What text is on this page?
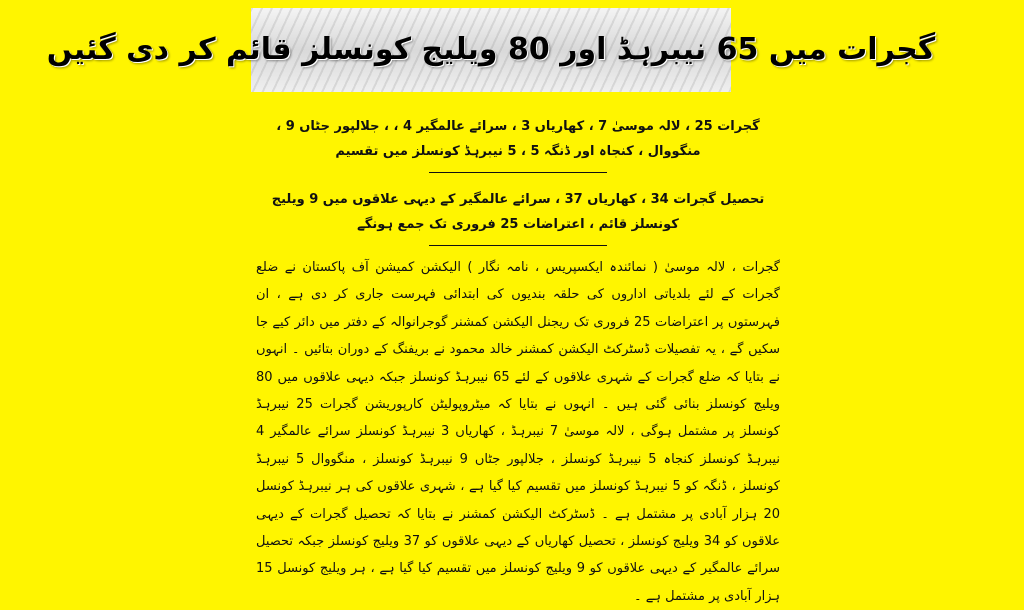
گجرات میں 65 نیبرہڈ اور 80 ویلیج کونسلز قائم کر دی گئیں

گجرات 25 ، لالہ موسیٰ 7 ، کھاریاں 3 ، سرائے عالمگیر 4 ، ، جلالپور جٹاں 9 ، منگووال ، کنجاہ اور ڈنگہ 5 ، 5 نیبرہڈ کونسلز میں تقسیم

تحصیل گجرات 34 ، کھاریاں 37 ، سرائے عالمگیر کے دیہی علاقوں میں 9 ویلیج کونسلز قائم ، اعتراضات 25 فروری تک جمع ہونگے

گجرات ، لالہ موسیٰ ( نمائندہ ایکسپریس ، نامہ نگار ) الیکشن کمیشن آف پاکستان نے ضلع گجرات کے لئے بلدیاتی اداروں کی حلقہ بندیوں کی ابتدائی فہرست جاری کر دی ہے ، ان فہرستوں پر اعتراضات 25 فروری تک ریجنل الیکشن کمشنر گوجرانوالہ کے دفتر میں دائر کیے جا سکیں گے ، یہ تفصیلات ڈسٹرکٹ الیکشن کمشنر خالد محمود نے بریفنگ کے دوران بتائیں ۔ انہوں نے بتایا کہ ضلع گجرات کے شہری علاقوں کے لئے 65 نیبرہڈ کونسلز جبکہ دیہی علاقوں میں 80 ویلیج کونسلز بنائی گئی ہیں ۔ انہوں نے بتایا کہ میٹروپولیٹن کارپوریشن گجرات 25 نیبرہڈ کونسلز پر مشتمل ہوگی ، لالہ موسیٰ 7 نیبرہڈ ، کھاریاں 3 نیبرہڈ کونسلز سرائے عالمگیر 4 نیبرہڈ کونسلز کنجاہ 5 نیبرہڈ کونسلز ، جلالپور جٹاں 9 نیبرہڈ کونسلز ، منگووال 5 نیبرہڈ کونسلز ، ڈنگہ کو 5 نیبرہڈ کونسلز میں تقسیم کیا گیا ہے ، شہری علاقوں کی ہر نیبرہڈ کونسل 20 ہزار آبادی پر مشتمل ہے ۔ ڈسٹرکٹ الیکشن کمشنر نے بتایا کہ تحصیل گجرات کے دیہی علاقوں کو 34 ویلیج کونسلز ، تحصیل کھاریاں کے دیہی علاقوں کو 37 ویلیج کونسلز جبکہ تحصیل سرائے عالمگیر کے دیہی علاقوں کو 9 ویلیج کونسلز میں تقسیم کیا گیا ہے ، ہر ویلیج کونسل 15 ہزار آبادی پر مشتمل ہے ۔
